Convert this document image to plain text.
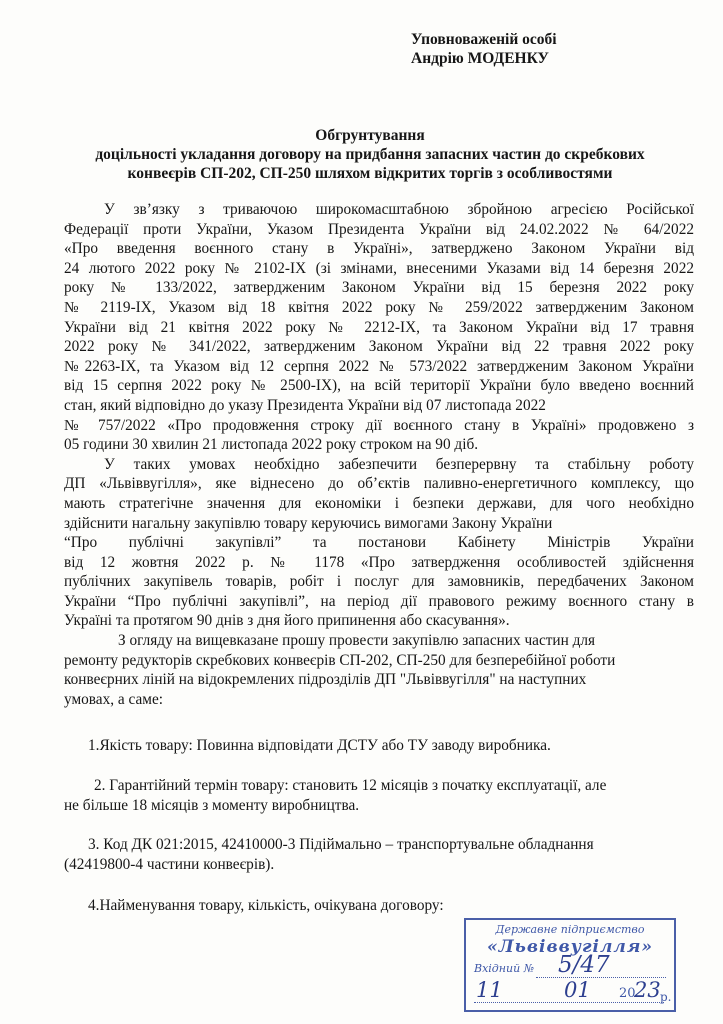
Уповноваженій особі
Андрію МОДЕНКУ
Обгрунтування
доцільності укладання договору на придбання запасних частин до скребкових
конвеєрів СП-202, СП-250 шляхом відкритих торгів з особливостями

У зв’язку з триваючою широкомасштабною збройною агресією Російської
Федерації проти України, Указом Президента України від 24.02.2022 № 64/2022
«Про введення воєнного стану в Україні», затверджено Законом України від
24 лютого 2022 року № 2102-IX (зі змінами, внесеними Указами від 14 березня 2022
року № 133/2022, затвердженим Законом України від 15 березня 2022 року
№ 2119-IX, Указом від 18 квітня 2022 року № 259/2022 затвердженим Законом
України від 21 квітня 2022 року № 2212-IX, та Законом України від 17 травня
2022 року № 341/2022, затвердженим Законом України від 22 травня 2022 року
№2263-IX, та Указом від 12 серпня 2022 № 573/2022 затвердженим Законом України
від 15 серпня 2022 року № 2500-IX), на всій території України було введено воєнний
стан, який відповідно до указу Президента України від 07 листопада 2022
№ 757/2022 «Про продовження строку дії воєнного стану в Україні» продовжено з
05 години 30 хвилин 21 листопада 2022 року строком на 90 діб.

У таких умовах необхідно забезпечити безперервну та стабільну роботу
ДП «Львіввугілля», яке віднесено до об’єктів паливно-енергетичного комплексу, що
мають стратегічне значення для економіки і безпеки держави, для чого необхідно
здійснити нагальну закупівлю товару керуючись вимогами Закону України
“Про публічні закупівлі” та постанови Кабінету Міністрів України
від 12 жовтня 2022 р. № 1178 «Про затвердження особливостей здійснення
публічних закупівель товарів, робіт і послуг для замовників, передбачених Законом
України “Про публічні закупівлі”, на період дії правового режиму воєнного стану в
Україні та протягом 90 днів з дня його припинення або скасування».

З огляду на вищевказане прошу провести закупівлю запасних частин для
ремонту редукторів скребкових конвеєрів СП-202, СП-250 для безперебійної роботи
конвеєрних ліній на відокремлених підрозділів ДП "Львіввугілля" на наступних
умовах, а саме:

1.Якість товару: Повинна відповідати ДСТУ або ТУ заводу виробника.
2. Гарантійний термін товару: становить 12 місяців з початку експлуатації, але
не більше 18 місяців з моменту виробництва.
3. Код ДК 021:2015, 42410000-3 Підіймально – транспортувальне обладнання
(42419800-4 частини конвеєрів).
4.Найменування товару, кількість, очікувана договору:
Державне підприємство
«Львіввугілля»
Вхідний № 5/47
11	01 20
23 р.
